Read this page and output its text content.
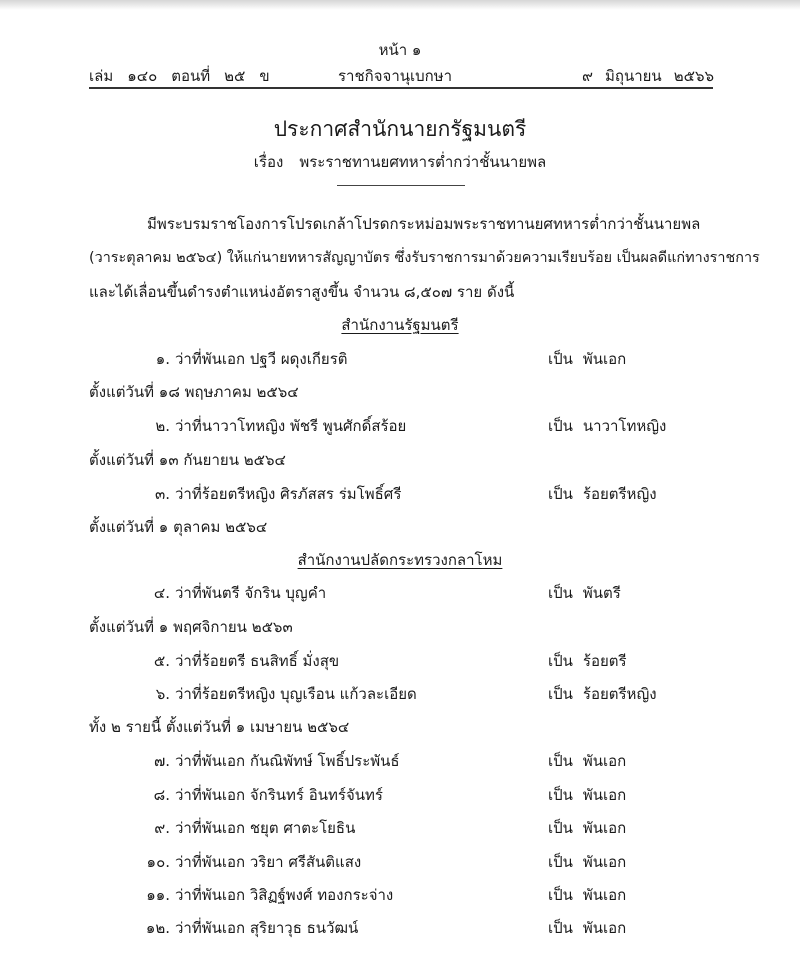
หน้า ๑
เล่ม ๑๔๐ ตอนที่ ๒๕ ข	ราชกิจจานุเบกษา	๙ มิถุนายน ๒๕๖๖
ประกาศสำนักนายกรัฐมนตรี
เรื่อง พระราชทานยศทหารต่ำกว่าชั้นนายพล
มีพระบรมราชโองการโปรดเกล้าโปรดกระหม่อมพระราชทานยศทหารต่ำกว่าชั้นนายพล
(วาระตุลาคม ๒๕๖๔) ให้แก่นายทหารสัญญาบัตร ซึ่งรับราชการมาด้วยความเรียบร้อย เป็นผลดีแก่ทางราชการ
และได้เลื่อนขึ้นดำรงตำแหน่งอัตราสูงขึ้น จำนวน ๘,๕๐๗ ราย ดังนี้
สำนักงานรัฐมนตรี
๑. ว่าที่พันเอก ปฐวี ผดุงเกียรติ	เป็น พันเอก
ตั้งแต่วันที่ ๑๘ พฤษภาคม ๒๕๖๔
๒. ว่าที่นาวาโทหญิง พัชรี พูนศักดิ์สร้อย	เป็น นาวาโทหญิง
ตั้งแต่วันที่ ๑๓ กันยายน ๒๕๖๔
๓. ว่าที่ร้อยตรีหญิง ศิรภัสสร ร่มโพธิ์ศรี	เป็น ร้อยตรีหญิง
ตั้งแต่วันที่ ๑ ตุลาคม ๒๕๖๔
สำนักงานปลัดกระทรวงกลาโหม
๔. ว่าที่พันตรี จักริน บุญคำ	เป็น พันตรี
ตั้งแต่วันที่ ๑ พฤศจิกายน ๒๕๖๓
๕. ว่าที่ร้อยตรี ธนสิทธิ์ มั่งสุข	เป็น ร้อยตรี
๖. ว่าที่ร้อยตรีหญิง บุญเรือน แก้วละเอียด	เป็น ร้อยตรีหญิง
ทั้ง ๒ รายนี้ ตั้งแต่วันที่ ๑ เมษายน ๒๕๖๔
๗. ว่าที่พันเอก กันณิพัทษ์ โพธิ์ประพันธ์	เป็น พันเอก
๘. ว่าที่พันเอก จักรินทร์ อินทร์จันทร์	เป็น พันเอก
๙. ว่าที่พันเอก ชยุต ศาตะโยธิน	เป็น พันเอก
๑๐. ว่าที่พันเอก วริยา ศรีสันติแสง	เป็น พันเอก
๑๑. ว่าที่พันเอก วิสิฏฐ์พงศ์ ทองกระจ่าง	เป็น พันเอก
๑๒. ว่าที่พันเอก สุริยาวุธ ธนวัฒน์	เป็น พันเอก
